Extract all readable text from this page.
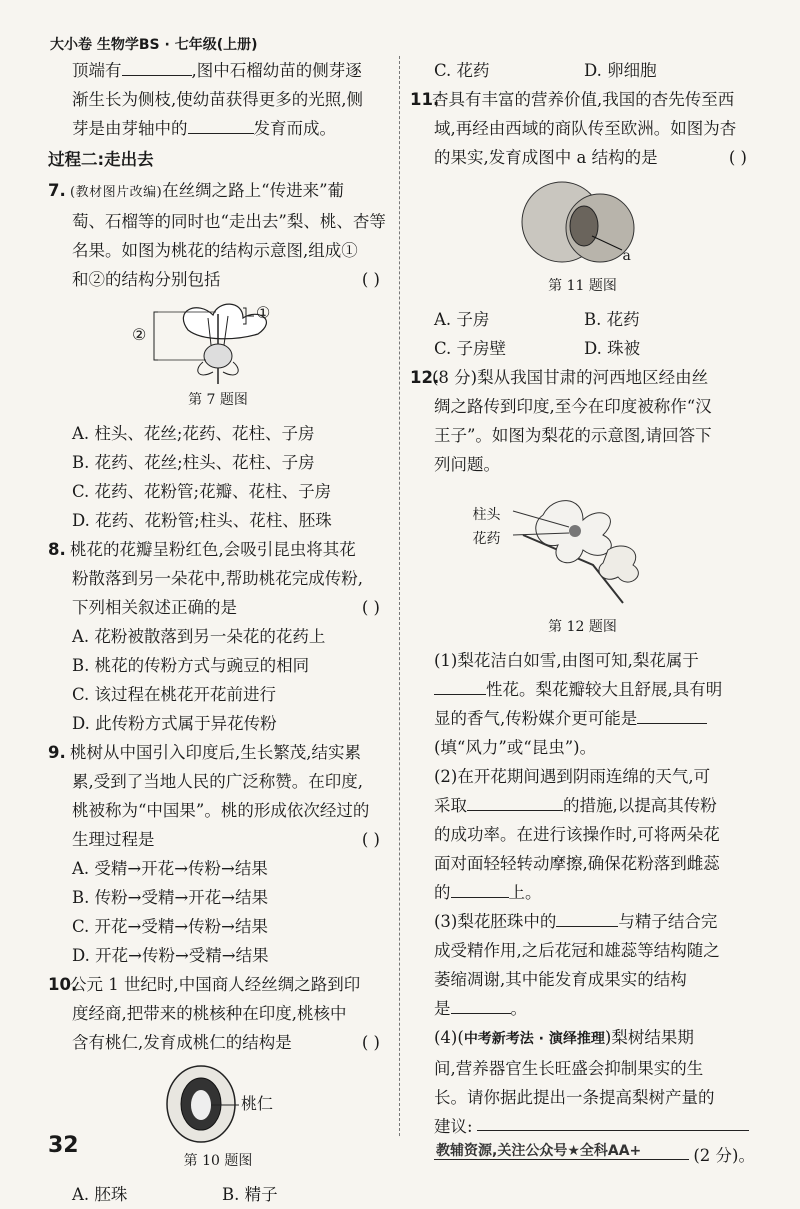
大小卷 生物学BS · 七年级(上册)

顶端有	,图中石榴幼苗的侧芽逐

渐生长为侧枝,使幼苗获得更多的光照,侧

芽是由芽轴中的	发育而成。

过程二:走出去

7. (教材图片改编)在丝绸之路上“传进来”葡

萄、石榴等的同时也“走出去”梨、桃、杏等

名果。如图为桃花的结构示意图,组成①

和②的结构分别包括	( )

①
②

第 7 题图

A. 柱头、花丝;花药、花柱、子房

B. 花药、花丝;柱头、花柱、子房

C. 花药、花粉管;花瓣、花柱、子房

D. 花药、花粉管;柱头、花柱、胚珠

8. 桃花的花瓣呈粉红色,会吸引昆虫将其花

粉散落到另一朵花中,帮助桃花完成传粉,

下列相关叙述正确的是	( )

A. 花粉被散落到另一朵花的花药上

B. 桃花的传粉方式与豌豆的相同

C. 该过程在桃花开花前进行

D. 此传粉方式属于异花传粉

9. 桃树从中国引入印度后,生长繁茂,结实累

累,受到了当地人民的广泛称赞。在印度,

桃被称为“中国果”。桃的形成依次经过的

生理过程是	( )

A. 受精→开花→传粉→结果

B. 传粉→受精→开花→结果

C. 开花→受精→传粉→结果

D. 开花→传粉→受精→结果

10.公元 1 世纪时,中国商人经丝绸之路到印

度经商,把带来的桃核种在印度,桃核中

含有桃仁,发育成桃仁的结构是	( )

桃仁

第 10 题图

A. 胚珠	B. 精子

C. 花药	D. 卵细胞

11.杏具有丰富的营养价值,我国的杏先传至西

域,再经由西域的商队传至欧洲。如图为杏

的果实,发育成图中 a 结构的是	( )

a

第 11 题图

A. 子房	B. 花药

C. 子房壁	D. 珠被

12.(8 分)梨从我国甘肃的河西地区经由丝

绸之路传到印度,至今在印度被称作“汉

王子”。如图为梨花的示意图,请回答下

列问题。

柱头
花药

第 12 题图

(1)梨花洁白如雪,由图可知,梨花属于

性花。梨花瓣较大且舒展,具有明

显的香气,传粉媒介更可能是

(填“风力”或“昆虫”)。

(2)在开花期间遇到阴雨连绵的天气,可

采取	的措施,以提高其传粉

的成功率。在进行该操作时,可将两朵花

面对面轻轻转动摩擦,确保花粉落到雌蕊

的	上。

(3)梨花胚珠中的	与精子结合完

成受精作用,之后花冠和雄蕊等结构随之

萎缩凋谢,其中能发育成果实的结构

是	。

(4)(中考新考法 · 演绎推理)梨树结果期

间,营养器官生长旺盛会抑制果实的生

长。请你据此提出一条提高梨树产量的

建议:

(2 分)。

32	教辅资源,关注公众号★全科AA+
